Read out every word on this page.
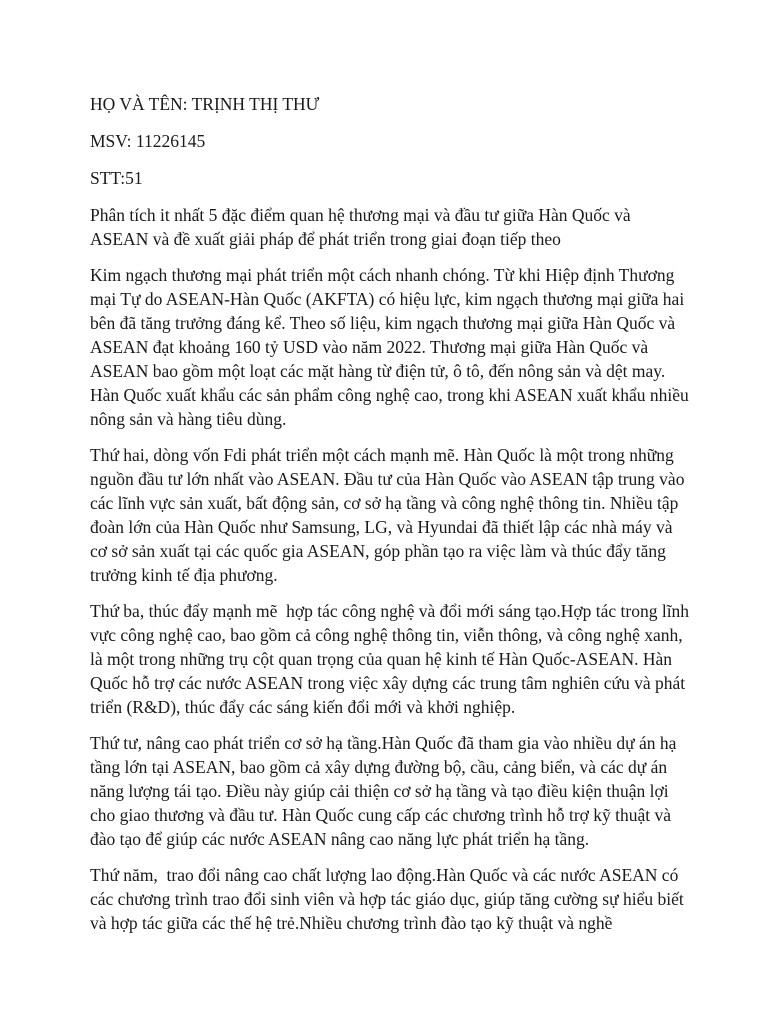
HỌ VÀ TÊN: TRỊNH THỊ THƯ

MSV: 11226145

STT:51

Phân tích it nhất 5 đặc điểm quan hệ thương mại và đầu tư giữa Hàn Quốc và ASEAN và đề xuất giải pháp để phát triển trong giai đoạn tiếp theo

Kim ngạch thương mại phát triển một cách nhanh chóng. Từ khi Hiệp định Thương mại Tự do ASEAN-Hàn Quốc (AKFTA) có hiệu lực, kim ngạch thương mại giữa hai bên đã tăng trưởng đáng kể. Theo số liệu, kim ngạch thương mại giữa Hàn Quốc và ASEAN đạt khoảng 160 tỷ USD vào năm 2022. Thương mại giữa Hàn Quốc và ASEAN bao gồm một loạt các mặt hàng từ điện tử, ô tô, đến nông sản và dệt may. Hàn Quốc xuất khẩu các sản phẩm công nghệ cao, trong khi ASEAN xuất khẩu nhiều nông sản và hàng tiêu dùng.

Thứ hai, dòng vốn Fdi phát triển một cách mạnh mẽ. Hàn Quốc là một trong những nguồn đầu tư lớn nhất vào ASEAN. Đầu tư của Hàn Quốc vào ASEAN tập trung vào các lĩnh vực sản xuất, bất động sản, cơ sở hạ tầng và công nghệ thông tin. Nhiều tập đoàn lớn của Hàn Quốc như Samsung, LG, và Hyundai đã thiết lập các nhà máy và cơ sở sản xuất tại các quốc gia ASEAN, góp phần tạo ra việc làm và thúc đẩy tăng trưởng kinh tế địa phương.

Thứ ba, thúc đẩy mạnh mẽ  hợp tác công nghệ và đổi mới sáng tạo.Hợp tác trong lĩnh vực công nghệ cao, bao gồm cả công nghệ thông tin, viễn thông, và công nghệ xanh, là một trong những trụ cột quan trọng của quan hệ kinh tế Hàn Quốc-ASEAN. Hàn Quốc hỗ trợ các nước ASEAN trong việc xây dựng các trung tâm nghiên cứu và phát triển (R&D), thúc đẩy các sáng kiến đổi mới và khởi nghiệp.

Thứ tư, nâng cao phát triển cơ sở hạ tầng.Hàn Quốc đã tham gia vào nhiều dự án hạ tầng lớn tại ASEAN, bao gồm cả xây dựng đường bộ, cầu, cảng biển, và các dự án năng lượng tái tạo. Điều này giúp cải thiện cơ sở hạ tầng và tạo điều kiện thuận lợi cho giao thương và đầu tư. Hàn Quốc cung cấp các chương trình hỗ trợ kỹ thuật và đào tạo để giúp các nước ASEAN nâng cao năng lực phát triển hạ tầng.

Thứ năm,  trao đổi nâng cao chất lượng lao động.Hàn Quốc và các nước ASEAN có các chương trình trao đổi sinh viên và hợp tác giáo dục, giúp tăng cường sự hiểu biết và hợp tác giữa các thế hệ trẻ.Nhiều chương trình đào tạo kỹ thuật và nghề
